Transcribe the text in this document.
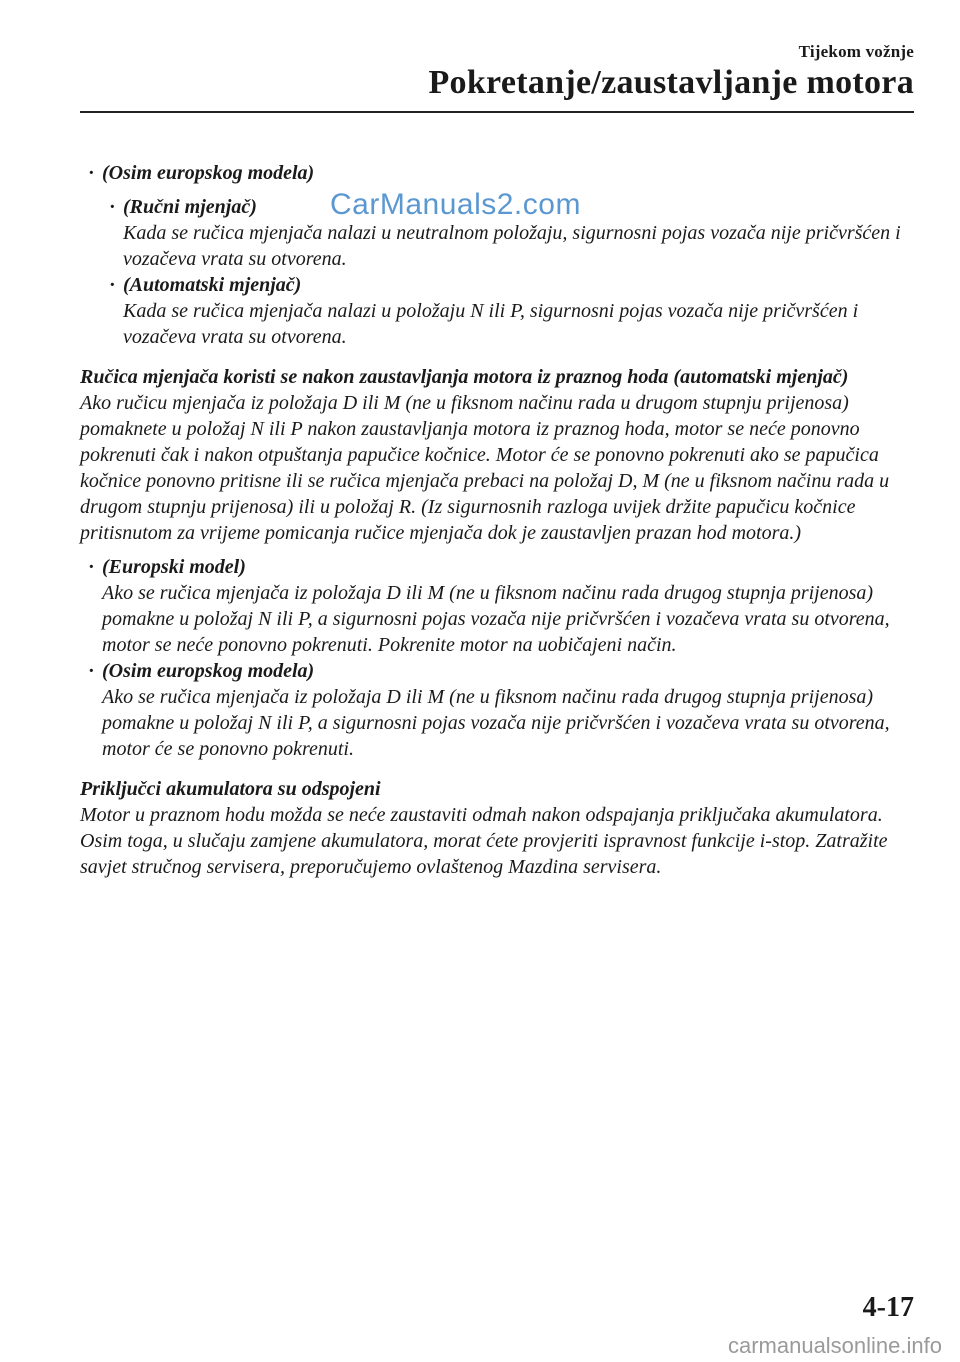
Tijekom vožnje
Pokretanje/zaustavljanje motora
CarManuals2.com
· (Osim europskog modela)
· (Ručni mjenjač)
Kada se ručica mjenjača nalazi u neutralnom položaju, sigurnosni pojas vozača nije pričvršćen i vozačeva vrata su otvorena.
· (Automatski mjenjač)
Kada se ručica mjenjača nalazi u položaju N ili P, sigurnosni pojas vozača nije pričvršćen i vozačeva vrata su otvorena.
Ručica mjenjača koristi se nakon zaustavljanja motora iz praznog hoda (automatski mjenjač)

Ako ručicu mjenjača iz položaja D ili M (ne u fiksnom načinu rada u drugom stupnju prijenosa) pomaknete u položaj N ili P nakon zaustavljanja motora iz praznog hoda, motor se neće ponovno pokrenuti čak i nakon otpuštanja papučice kočnice. Motor će se ponovno pokrenuti ako se papučica kočnice ponovno pritisne ili se ručica mjenjača prebaci na položaj D, M (ne u fiksnom načinu rada u drugom stupnju prijenosa) ili u položaj R. (Iz sigurnosnih razloga uvijek držite papučicu kočnice pritisnutom za vrijeme pomicanja ručice mjenjača dok je zaustavljen prazan hod motora.)

· (Europski model)
Ako se ručica mjenjača iz položaja D ili M (ne u fiksnom načinu rada drugog stupnja prijenosa) pomakne u položaj N ili P, a sigurnosni pojas vozača nije pričvršćen i vozačeva vrata su otvorena, motor se neće ponovno pokrenuti. Pokrenite motor na uobičajeni način.
· (Osim europskog modela)
Ako se ručica mjenjača iz položaja D ili M (ne u fiksnom načinu rada drugog stupnja prijenosa) pomakne u položaj N ili P, a sigurnosni pojas vozača nije pričvršćen i vozačeva vrata su otvorena, motor će se ponovno pokrenuti.
Priključci akumulatora su odspojeni

Motor u praznom hodu možda se neće zaustaviti odmah nakon odspajanja priključaka akumulatora. Osim toga, u slučaju zamjene akumulatora, morat ćete provjeriti ispravnost funkcije i-stop. Zatražite savjet stručnog servisera, preporučujemo ovlaštenog Mazdina servisera.

4-17
carmanualsonline.info
